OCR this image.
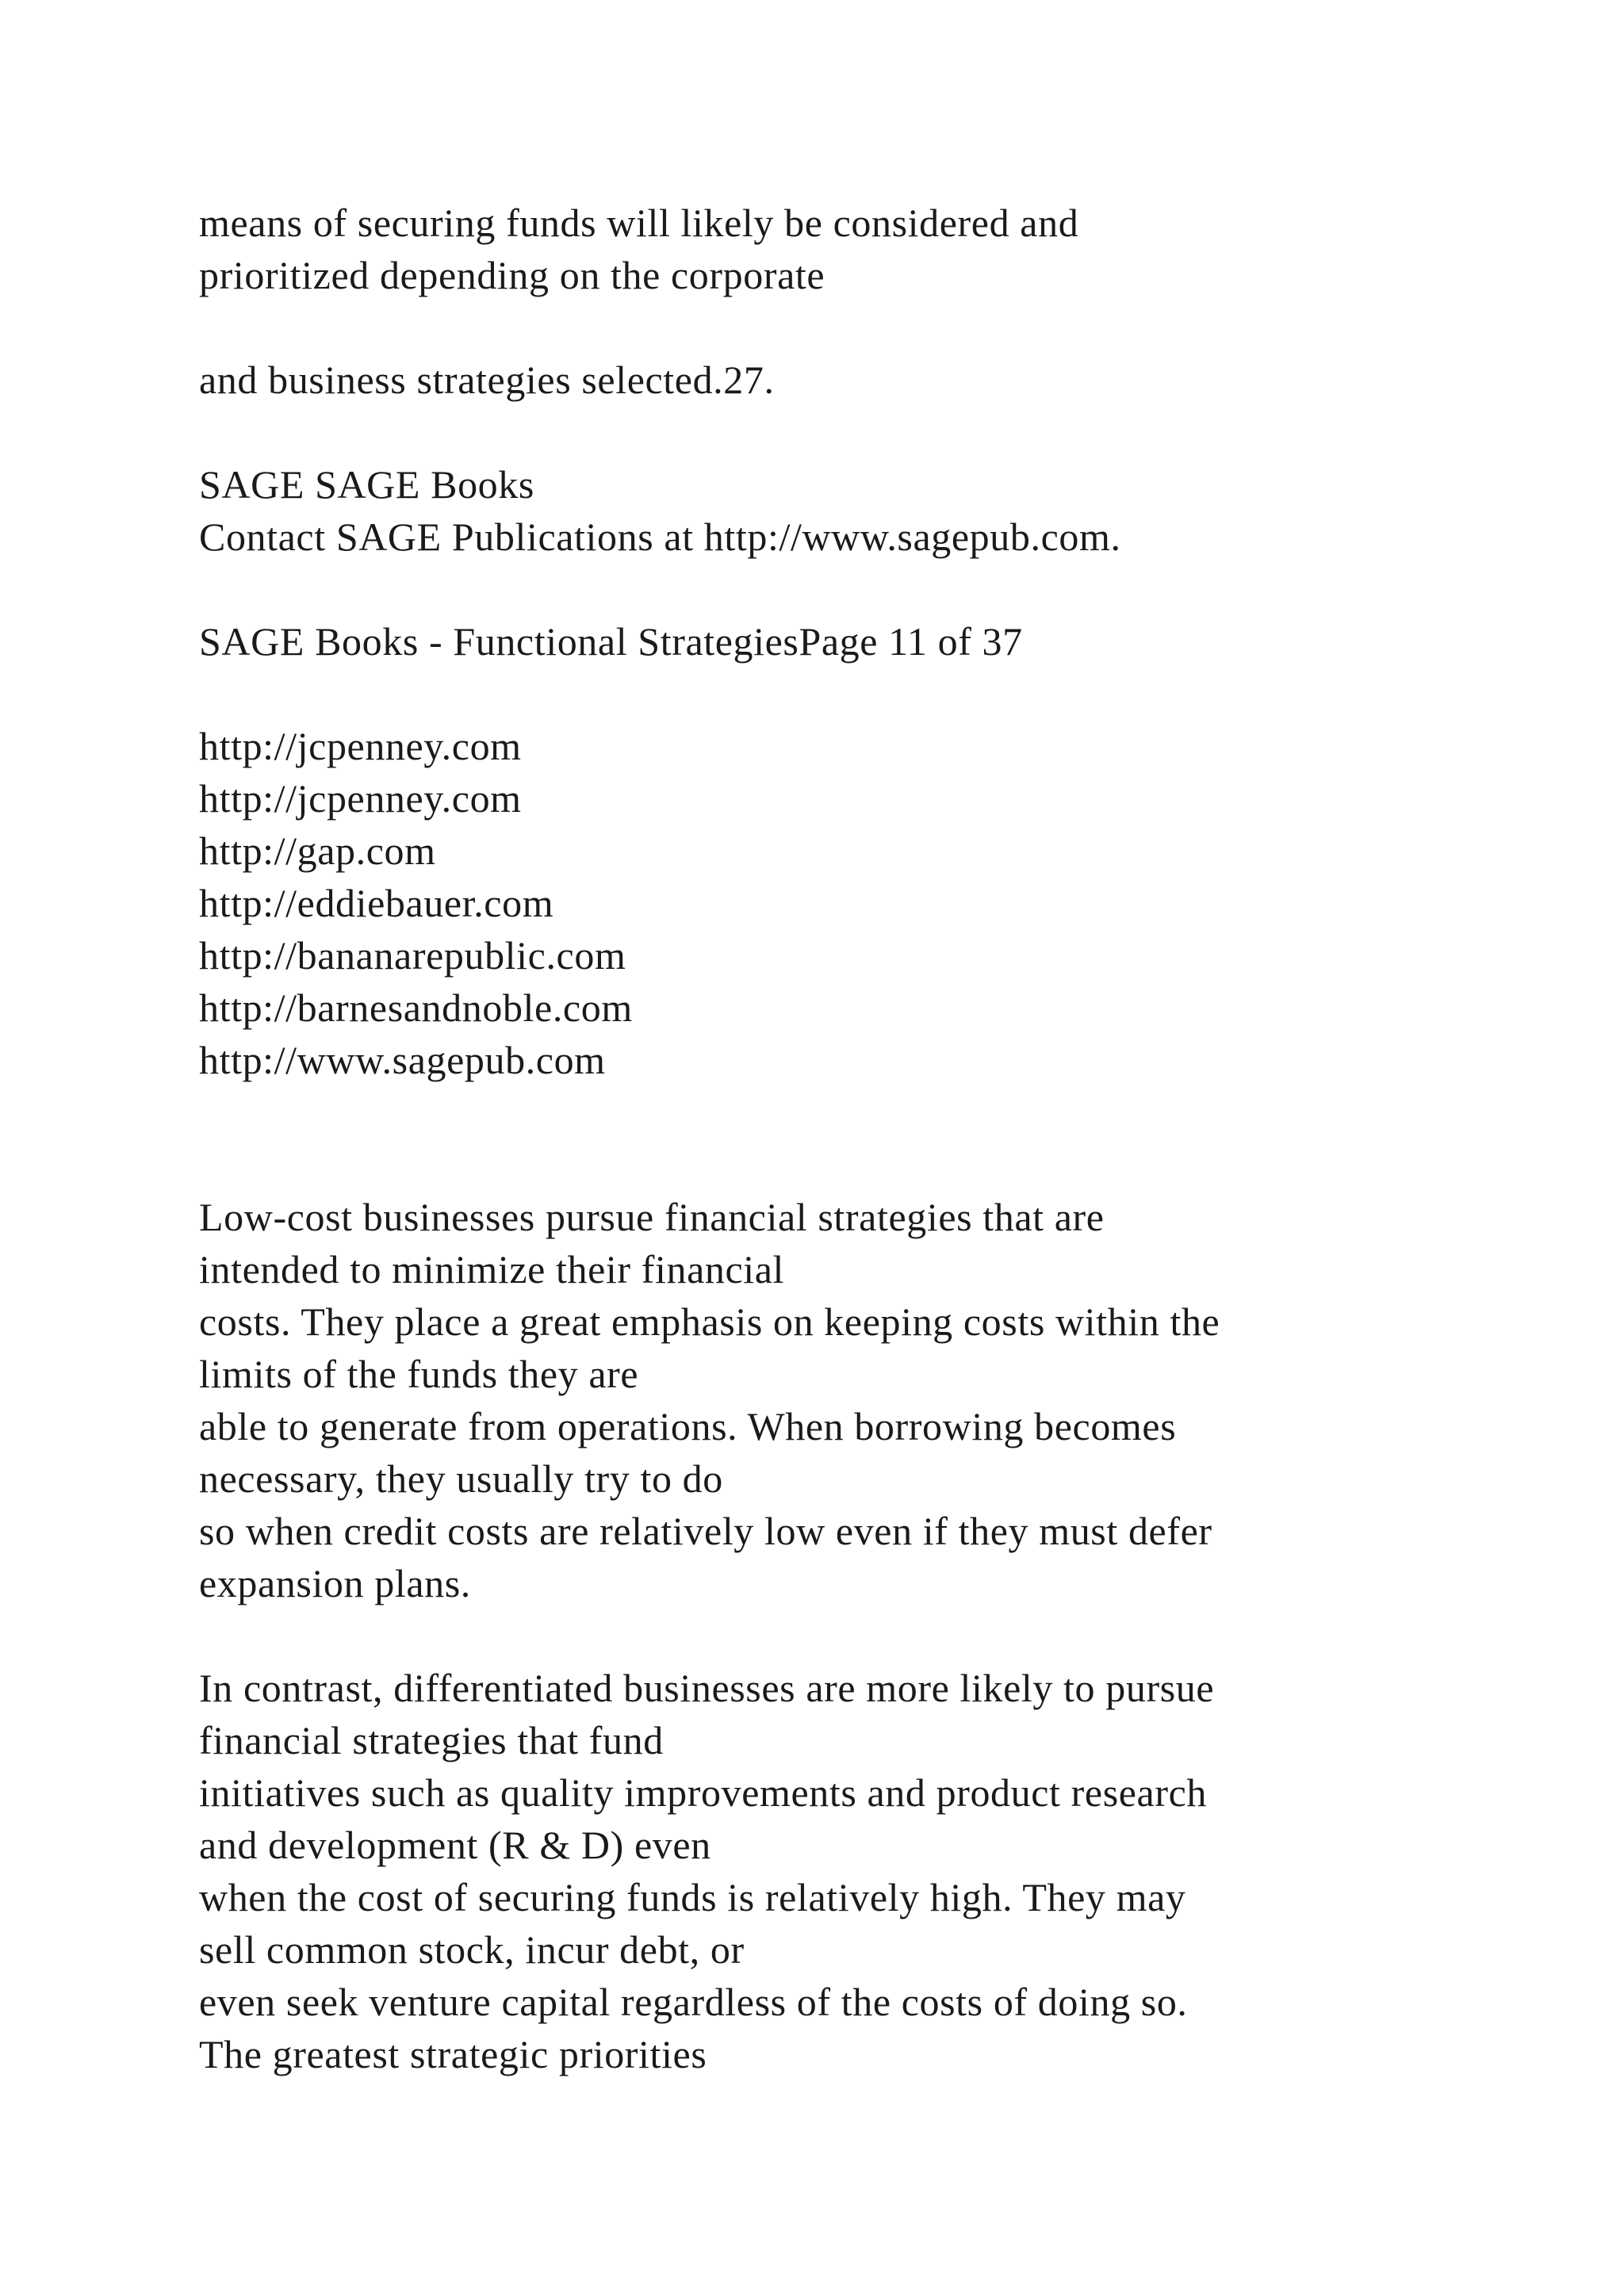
means of securing funds will likely be considered and
prioritized depending on the corporate
and business strategies selected.27.
SAGE SAGE Books
Contact SAGE Publications at http://www.sagepub.com.
SAGE Books - Functional StrategiesPage 11 of 37
http://jcpenney.com
http://jcpenney.com
http://gap.com
http://eddiebauer.com
http://bananarepublic.com
http://barnesandnoble.com
http://www.sagepub.com
Low-cost businesses pursue financial strategies that are
intended to minimize their financial
costs. They place a great emphasis on keeping costs within the
limits of the funds they are
able to generate from operations. When borrowing becomes
necessary, they usually try to do
so when credit costs are relatively low even if they must defer
expansion plans.
In contrast, differentiated businesses are more likely to pursue
financial strategies that fund
initiatives such as quality improvements and product research
and development (R & D) even
when the cost of securing funds is relatively high. They may
sell common stock, incur debt, or
even seek venture capital regardless of the costs of doing so.
The greatest strategic priorities
